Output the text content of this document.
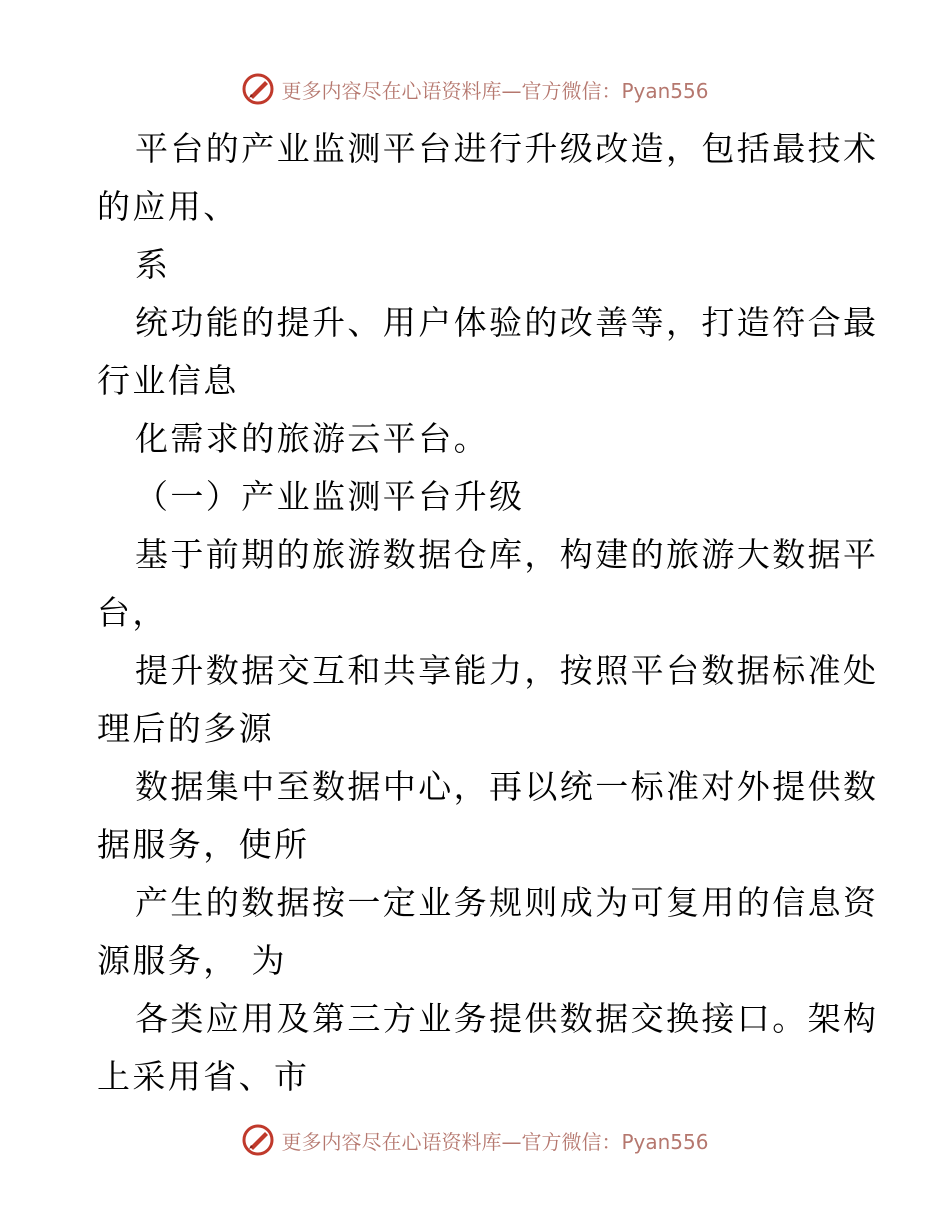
更多内容尽在心语资料库—官方微信：Pyan556
平台的产业监测平台进行升级改造，包括最技术
的应用、
系
统功能的提升、用户体验的改善等，打造符合最
行业信息
化需求的旅游云平台。
（一）产业监测平台升级
基于前期的旅游数据仓库，构建的旅游大数据平
台，
提升数据交互和共享能力，按照平台数据标准处
理后的多源
数据集中至数据中心，再以统一标准对外提供数
据服务，使所
产生的数据按一定业务规则成为可复用的信息资
源服务， 为
各类应用及第三方业务提供数据交换接口。架构
上采用省、市
更多内容尽在心语资料库—官方微信：Pyan556
